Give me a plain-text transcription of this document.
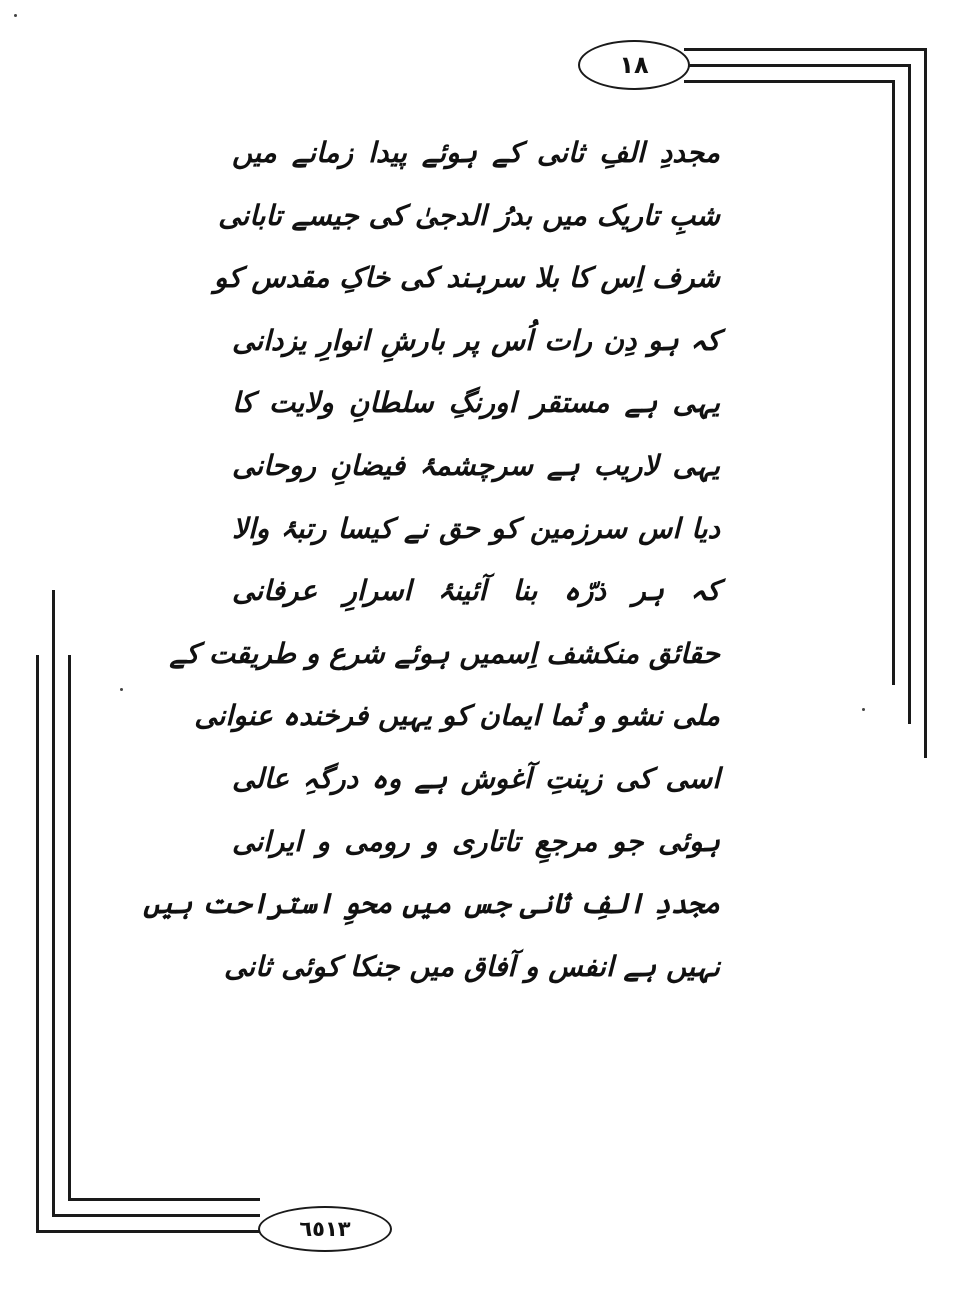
١٨
٦٥١٣
مجددِ الفِ ثانی کے ہوئے پیدا زمانے میں
شبِ تاریک میں بدرُ الدجیٰ کی جیسے تابانی
شرف اِس کا بلا سرہند کی خاکِ مقدس کو
کہ ہو دِن رات اُس پر بارشِ انوارِ یزدانی
یہی ہے مستقر اورنگِ سلطانِ ولایت کا
یہی لاریب ہے سرچشمۂ فیضانِ روحانی
دیا اس سرزمین کو حق نے کیسا رتبۂ والا
کہ ہر ذرّہ بنا آئینۂ اسرارِ عرفانی
حقائق منکشف اِسمیں ہوئے شرع و طریقت کے
ملی نشو و نُما ایمان کو یہیں فرخندہ عنوانی
اسی کی زینتِ آغوش ہے وہ درگہِ عالی
ہوئی جو مرجعِ تاتاری و رومی و ایرانی
مجددِ الفِ ثانی جس میں محوِ استراحت ہیں
نہیں ہے انفس و آفاق میں جنکا کوئی ثانی
